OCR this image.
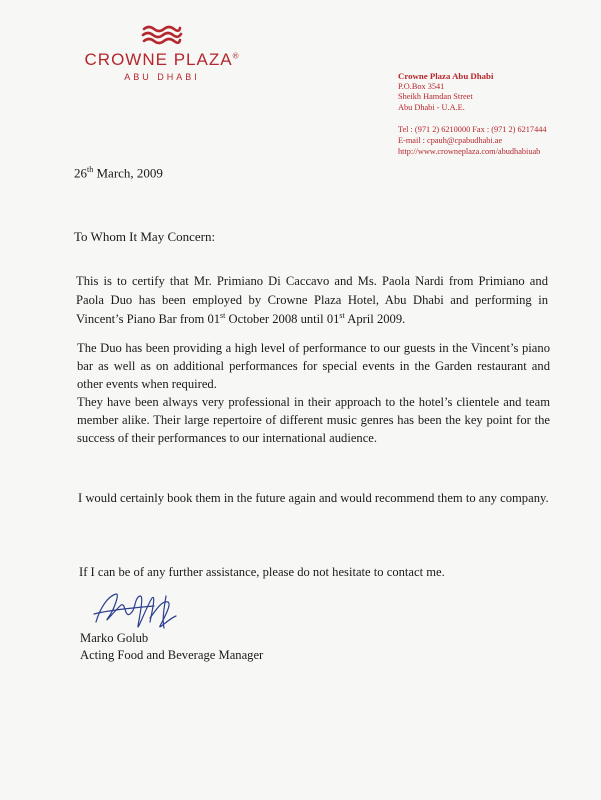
CROWNE PLAZA®
ABU DHABI	Crowne Plaza Abu Dhabi
P.O.Box 3541
Sheikh Hamdan Street
Abu Dhabi - U.A.E.
Tel : (971 2) 6210000 Fax : (971 2) 6217444
E-mail : cpauh@cpabudhabi.ae
http://www.crowneplaza.com/abudhabiuab
26th March, 2009
To Whom It May Concern:

This is to certify that Mr. Primiano Di Caccavo and Ms. Paola Nardi from Primiano and Paola Duo has been employed by Crowne Plaza Hotel, Abu Dhabi and performing in Vincent’s Piano Bar from 01st October 2008 until 01st April 2009.

The Duo has been providing a high level of performance to our guests in the Vincent’s piano bar as well as on additional performances for special events in the Garden restaurant and other events when required.
They have been always very professional in their approach to the hotel’s clientele and team member alike. Their large repertoire of different music genres has been the key point for the success of their performances to our international audience.

I would certainly book them in the future again and would recommend them to any company.

If I can be of any further assistance, please do not hesitate to contact me.
Marko Golub
Acting Food and Beverage Manager
